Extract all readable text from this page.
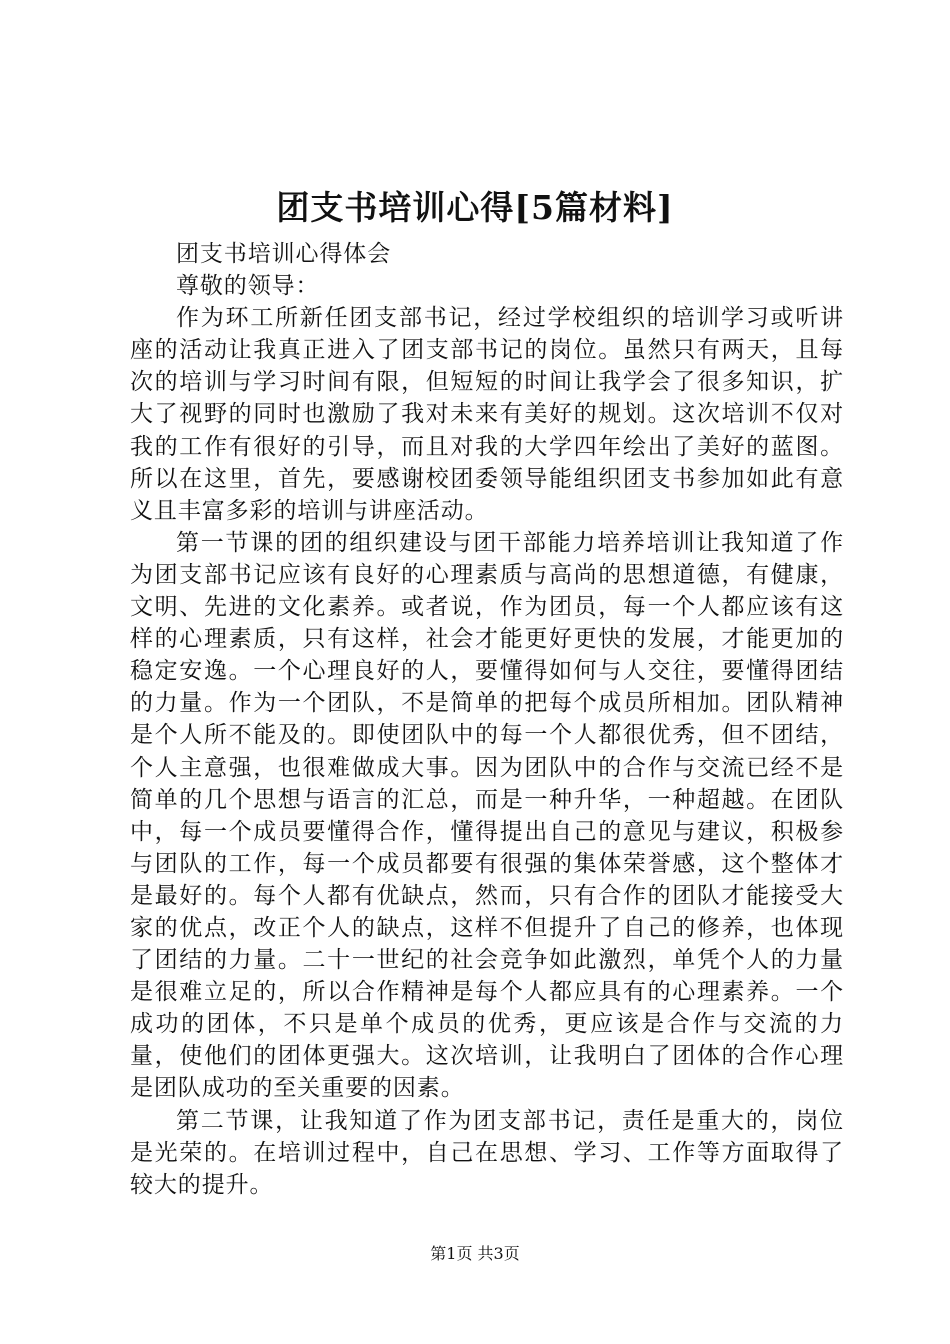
团支书培训心得[5篇材料]

团支书培训心得体会

尊敬的领导：

作为环工所新任团支部书记，经过学校组织的培训学习或听讲座的活动让我真正进入了团支部书记的岗位。虽然只有两天，且每次的培训与学习时间有限，但短短的时间让我学会了很多知识，扩大了视野的同时也激励了我对未来有美好的规划。这次培训不仅对我的工作有很好的引导，而且对我的大学四年绘出了美好的蓝图。所以在这里，首先，要感谢校团委领导能组织团支书参加如此有意义且丰富多彩的培训与讲座活动。

第一节课的团的组织建设与团干部能力培养培训让我知道了作为团支部书记应该有良好的心理素质与高尚的思想道德，有健康，文明、先进的文化素养。或者说，作为团员，每一个人都应该有这样的心理素质，只有这样，社会才能更好更快的发展，才能更加的稳定安逸。一个心理良好的人，要懂得如何与人交往，要懂得团结的力量。作为一个团队，不是简单的把每个成员所相加。团队精神是个人所不能及的。即使团队中的每一个人都很优秀，但不团结，个人主意强，也很难做成大事。因为团队中的合作与交流已经不是简单的几个思想与语言的汇总，而是一种升华，一种超越。在团队中，每一个成员要懂得合作，懂得提出自己的意见与建议，积极参与团队的工作，每一个成员都要有很强的集体荣誉感，这个整体才是最好的。每个人都有优缺点，然而，只有合作的团队才能接受大家的优点，改正个人的缺点，这样不但提升了自己的修养，也体现了团结的力量。二十一世纪的社会竞争如此激烈，单凭个人的力量是很难立足的，所以合作精神是每个人都应具有的心理素养。一个成功的团体，不只是单个成员的优秀，更应该是合作与交流的力量，使他们的团体更强大。这次培训，让我明白了团体的合作心理是团队成功的至关重要的因素。

第二节课，让我知道了作为团支部书记，责任是重大的，岗位是光荣的。在培训过程中，自己在思想、学习、工作等方面取得了较大的提升。

第1页 共3页
